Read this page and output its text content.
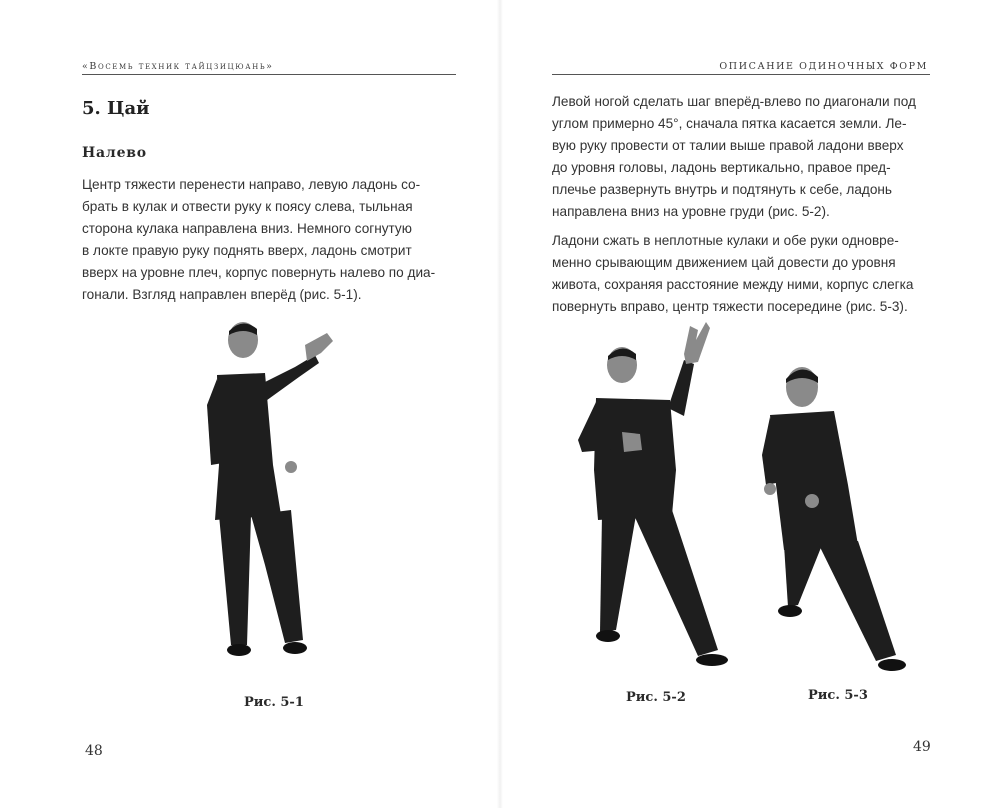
«Восемь техник тайцзицюань»
5. Цай
Налево
Центр тяжести перенести направо, левую ладонь со-
брать в кулак и отвести руку к поясу слева, тыльная
сторона кулака направлена вниз. Немного согнутую
в локте правую руку поднять вверх, ладонь смотрит
вверх на уровне плеч, корпус повернуть налево по диа-
гонали. Взгляд направлен вперёд (рис. 5-1).
Рис. 5-1
48
ОПИСАНИЕ ОДИНОЧНЫХ ФОРМ
Левой ногой сделать шаг вперёд-влево по диагонали под
углом примерно 45°, сначала пятка касается земли. Ле-
вую руку провести от талии выше правой ладони вверх
до уровня головы, ладонь вертикально, правое пред-
плечье развернуть внутрь и подтянуть к себе, ладонь
направлена вниз на уровне груди (рис. 5-2).
Ладони сжать в неплотные кулаки и обе руки одновре-
менно срывающим движением цай довести до уровня
живота, сохраняя расстояние между ними, корпус слегка
повернуть вправо, центр тяжести посередине (рис. 5-3).
Рис. 5-2	Рис. 5-3
49
